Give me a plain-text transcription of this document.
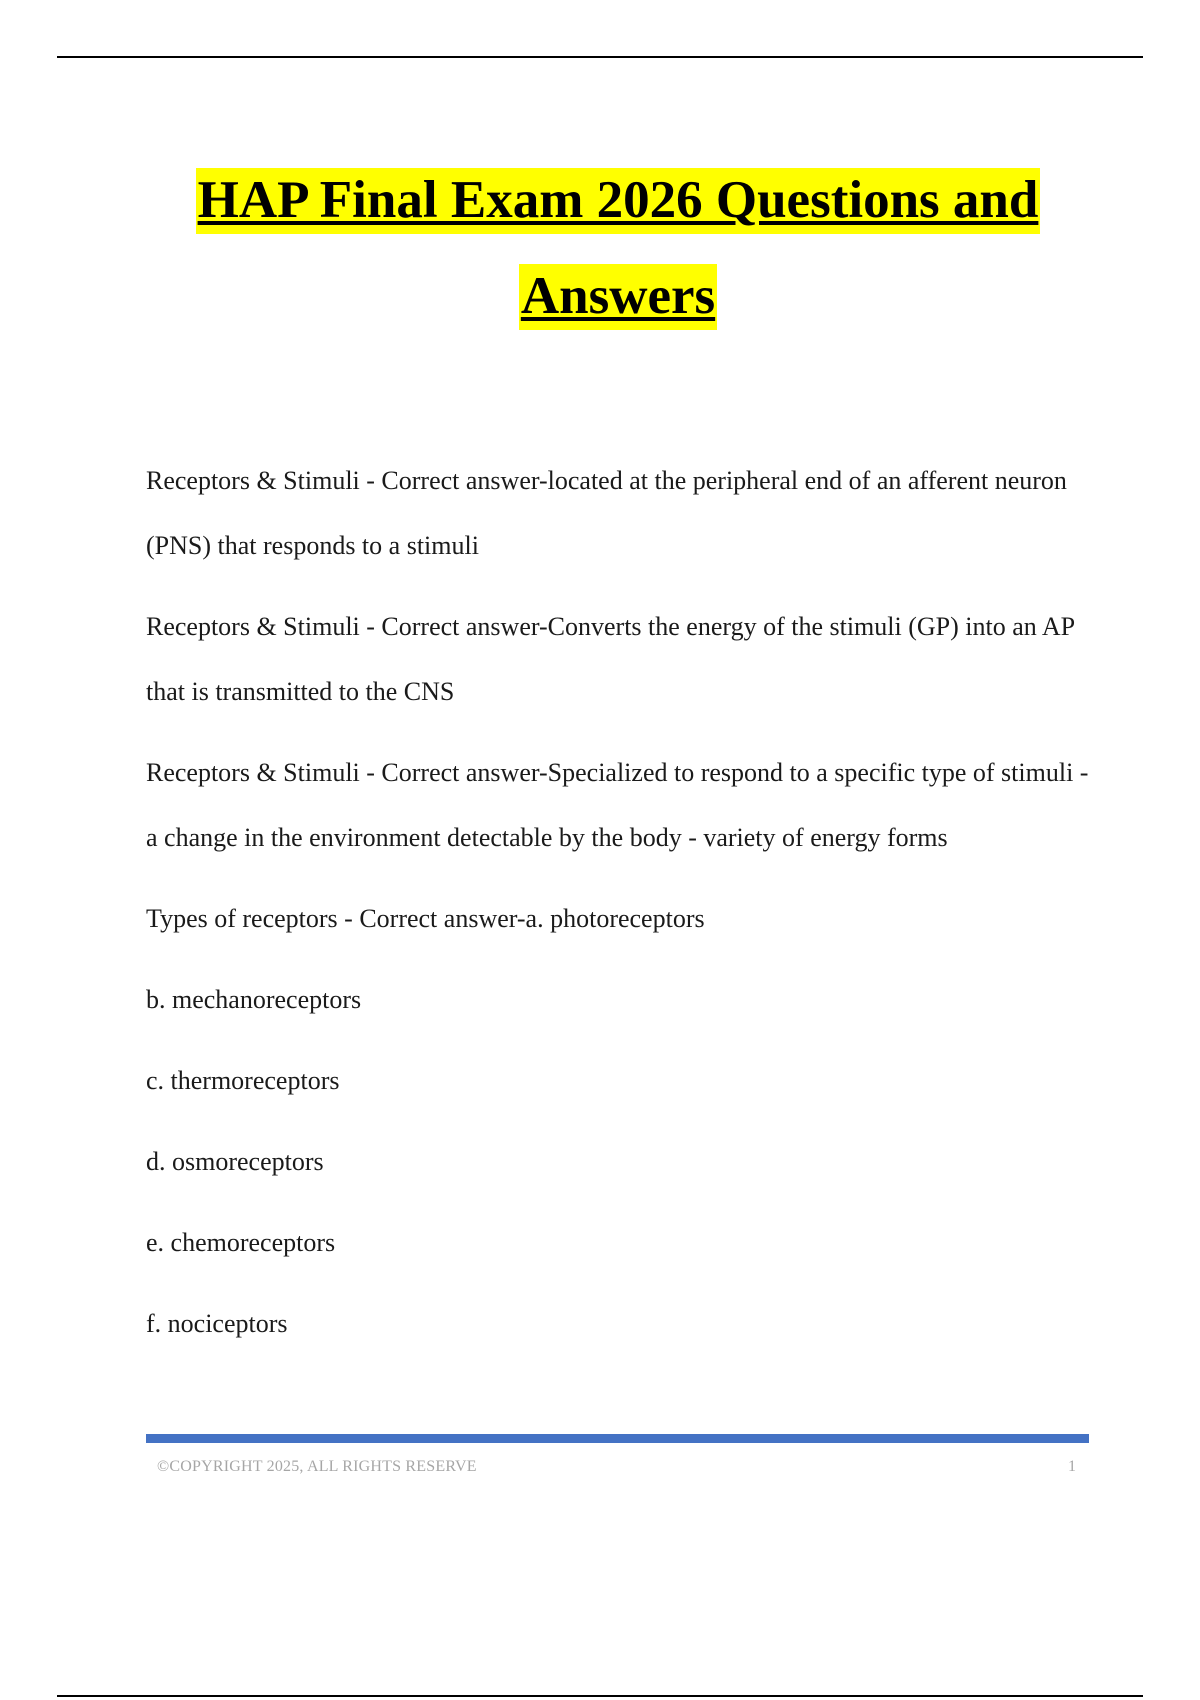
HAP Final Exam 2026 Questions and
Answers

Receptors & Stimuli - Correct answer-located at the peripheral end of an afferent neuron (PNS) that responds to a stimuli

Receptors & Stimuli - Correct answer-Converts the energy of the stimuli (GP) into an AP that is transmitted to the CNS

Receptors & Stimuli - Correct answer-Specialized to respond to a specific type of stimuli - a change in the environment detectable by the body - variety of energy forms

Types of receptors - Correct answer-a. photoreceptors

b. mechanoreceptors

c. thermoreceptors

d. osmoreceptors

e. chemoreceptors

f. nociceptors

©COPYRIGHT 2025, ALL RIGHTS RESERVE	1
